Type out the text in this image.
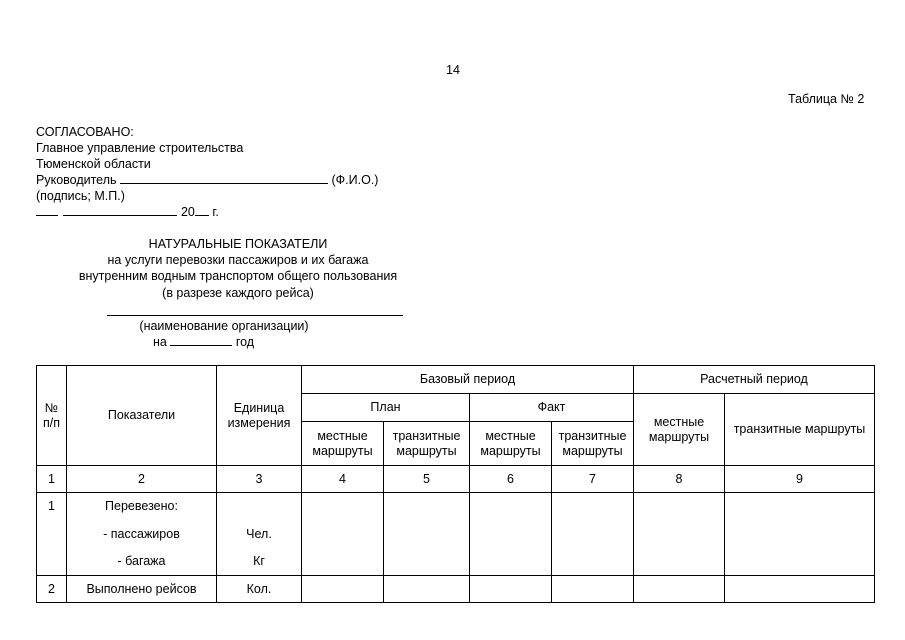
14
Таблица № 2
СОГЛАСОВАНО:
Главное управление строительства
Тюменской области
Руководитель	(Ф.И.О.)
(подпись; М.П.)
20 г.
НАТУРАЛЬНЫЕ ПОКАЗАТЕЛИ
на услуги перевозки пассажиров и их багажа
внутренним водным транспортом общего пользования
(в разрезе каждого рейса)
(наименование организации)
на	год
№ п/п	Показатели	Единица измерения	Базовый период				Расчетный период	
			План		Факт		местные маршруты	транзитные маршруты
			местные маршруты	транзитные маршруты	местные маршруты	транзитные маршруты		
1	2	3	4	5	6	7	8	9
1	Перевезено:							
	- пассажиров	Чел.						
	- багажа	Кг						
2	Выполнено рейсов	Кол.						
